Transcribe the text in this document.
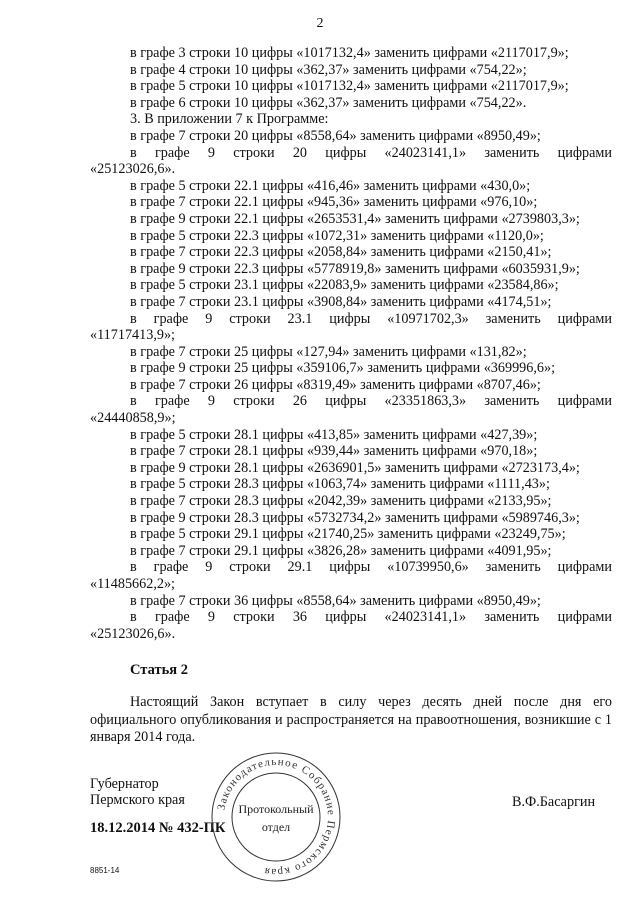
2
в графе 3 строки 10 цифры «1017132,4» заменить цифрами «2117017,9»;
в графе 4 строки 10 цифры «362,37» заменить цифрами «754,22»;
в графе 5 строки 10 цифры «1017132,4» заменить цифрами «2117017,9»;
в графе 6 строки 10 цифры «362,37» заменить цифрами «754,22».
3. В приложении 7 к Программе:
в графе 7 строки 20 цифры «8558,64» заменить цифрами «8950,49»;
в графе 9 строки 20 цифры «24023141,1» заменить цифрами
«25123026,6».
в графе 5 строки 22.1 цифры «416,46» заменить цифрами «430,0»;
в графе 7 строки 22.1 цифры «945,36» заменить цифрами «976,10»;
в графе 9 строки 22.1 цифры «2653531,4» заменить цифрами «2739803,3»;
в графе 5 строки 22.3 цифры «1072,31» заменить цифрами «1120,0»;
в графе 7 строки 22.3 цифры «2058,84» заменить цифрами «2150,41»;
в графе 9 строки 22.3 цифры «5778919,8» заменить цифрами «6035931,9»;
в графе 5 строки 23.1 цифры «22083,9» заменить цифрами «23584,86»;
в графе 7 строки 23.1 цифры «3908,84» заменить цифрами «4174,51»;
в графе 9 строки 23.1 цифры «10971702,3» заменить цифрами
«11717413,9»;
в графе 7 строки 25 цифры «127,94» заменить цифрами «131,82»;
в графе 9 строки 25 цифры «359106,7» заменить цифрами «369996,6»;
в графе 7 строки 26 цифры «8319,49» заменить цифрами «8707,46»;
в графе 9 строки 26 цифры «23351863,3» заменить цифрами
«24440858,9»;
в графе 5 строки 28.1 цифры «413,85» заменить цифрами «427,39»;
в графе 7 строки 28.1 цифры «939,44» заменить цифрами «970,18»;
в графе 9 строки 28.1 цифры «2636901,5» заменить цифрами «2723173,4»;
в графе 5 строки 28.3 цифры «1063,74» заменить цифрами «1111,43»;
в графе 7 строки 28.3 цифры «2042,39» заменить цифрами «2133,95»;
в графе 9 строки 28.3 цифры «5732734,2» заменить цифрами «5989746,3»;
в графе 5 строки 29.1 цифры «21740,25» заменить цифрами «23249,75»;
в графе 7 строки 29.1 цифры «3826,28» заменить цифрами «4091,95»;
в графе 9 строки 29.1 цифры «10739950,6» заменить цифрами
«11485662,2»;
в графе 7 строки 36 цифры «8558,64» заменить цифрами «8950,49»;
в графе 9 строки 36 цифры «24023141,1» заменить цифрами
«25123026,6».
Статья 2
Настоящий Закон вступает в силу через десять дней после дня его официального опубликования и распространяется на правоотношения, возникшие с 1 января 2014 года.
Губернатор
Пермского края	В.Ф.Басаргин
18.12.2014 № 432-ПК
8851-14
Законодательное Собрание Пермского края
Протокольный
отдел
